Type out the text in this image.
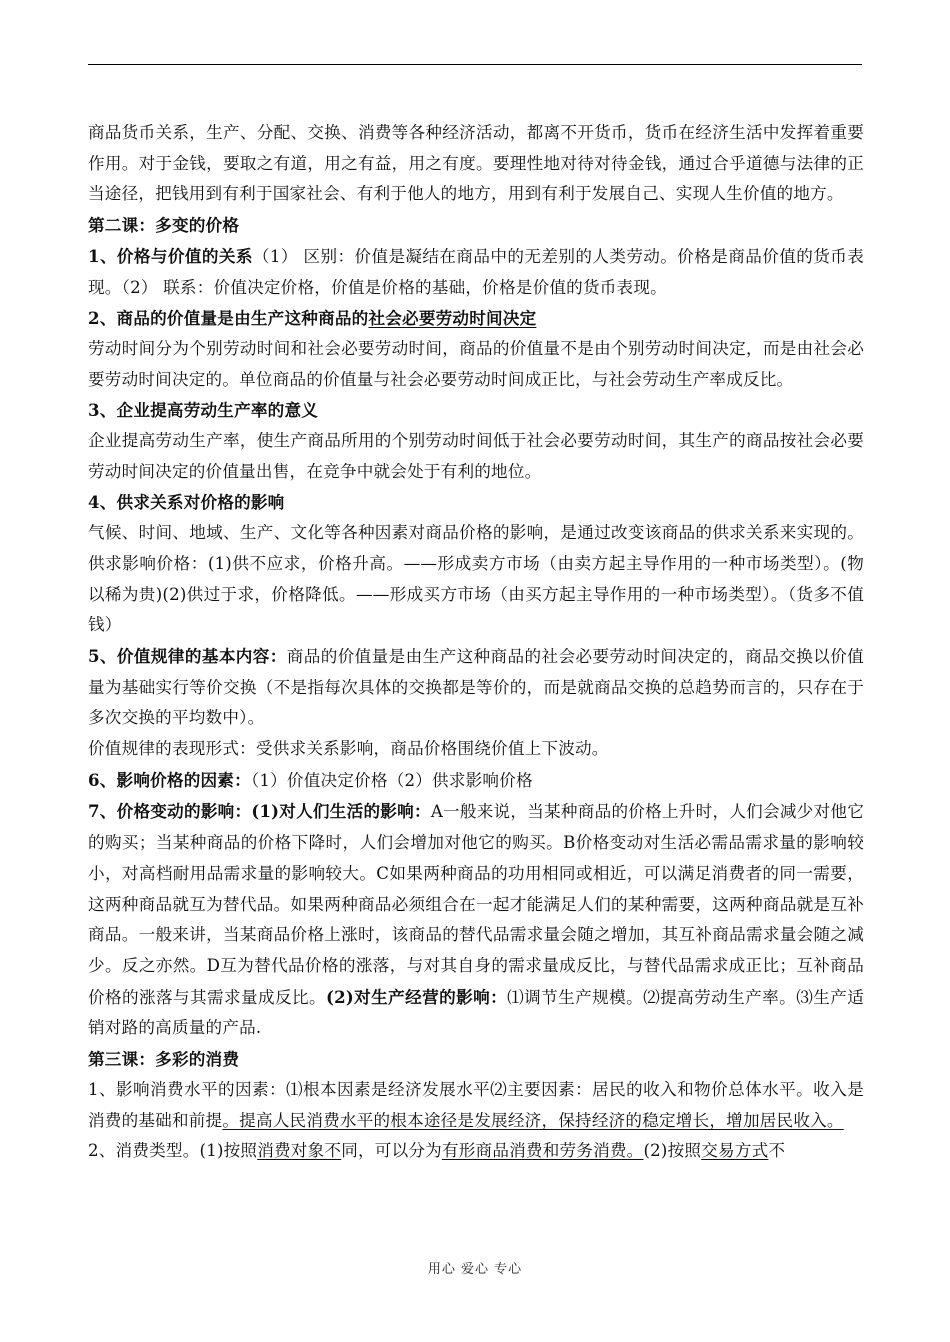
商品货币关系，生产、分配、交换、消费等各种经济活动，都离不开货币，货币在经济生活中发挥着重要作用。对于金钱，要取之有道，用之有益，用之有度。要理性地对待对待金钱，通过合乎道德与法律的正当途径，把钱用到有利于国家社会、有利于他人的地方，用到有利于发展自己、实现人生价值的地方。

第二课：多变的价格

1、价格与价值的关系（1） 区别：价值是凝结在商品中的无差别的人类劳动。价格是商品价值的货币表现。（2） 联系：价值决定价格，价值是价格的基础，价格是价值的货币表现。

2、商品的价值量是由生产这种商品的社会必要劳动时间决定

劳动时间分为个别劳动时间和社会必要劳动时间，商品的价值量不是由个别劳动时间决定，而是由社会必要劳动时间决定的。单位商品的价值量与社会必要劳动时间成正比，与社会劳动生产率成反比。

3、企业提高劳动生产率的意义

企业提高劳动生产率，使生产商品所用的个别劳动时间低于社会必要劳动时间，其生产的商品按社会必要劳动时间决定的价值量出售，在竞争中就会处于有利的地位。

4、供求关系对价格的影响

气候、时间、地域、生产、文化等各种因素对商品价格的影响，是通过改变该商品的供求关系来实现的。供求影响价格：(1)供不应求，价格升高。——形成卖方市场（由卖方起主导作用的一种市场类型）。(物以稀为贵)(2)供过于求，价格降低。——形成买方市场（由买方起主导作用的一种市场类型）。（货多不值钱）

5、价值规律的基本内容：商品的价值量是由生产这种商品的社会必要劳动时间决定的，商品交换以价值量为基础实行等价交换（不是指每次具体的交换都是等价的，而是就商品交换的总趋势而言的，只存在于多次交换的平均数中）。

价值规律的表现形式：受供求关系影响，商品价格围绕价值上下波动。

6、影响价格的因素：（1）价值决定价格（2）供求影响价格

7、价格变动的影响：(1)对人们生活的影响：A一般来说，当某种商品的价格上升时，人们会减少对他它的购买；当某种商品的价格下降时，人们会增加对他它的购买。B价格变动对生活必需品需求量的影响较小，对高档耐用品需求量的影响较大。C如果两种商品的功用相同或相近，可以满足消费者的同一需要，这两种商品就互为替代品。如果两种商品必须组合在一起才能满足人们的某种需要，这两种商品就是互补商品。一般来讲，当某商品价格上涨时，该商品的替代品需求量会随之增加，其互补商品需求量会随之减少。反之亦然。D互为替代品价格的涨落，与对其自身的需求量成反比，与替代品需求成正比；互补商品价格的涨落与其需求量成反比。(2)对生产经营的影响：⑴调节生产规模。⑵提高劳动生产率。⑶生产适销对路的高质量的产品.

第三课：多彩的消费

1、影响消费水平的因素：⑴根本因素是经济发展水平⑵主要因素：居民的收入和物价总体水平。收入是消费的基础和前提。提高人民消费水平的根本途径是发展经济，保持经济的稳定增长，增加居民收入。

2、消费类型。(1)按照消费对象不同，可以分为有形商品消费和劳务消费。(2)按照交易方式不

用心 爱心 专心
